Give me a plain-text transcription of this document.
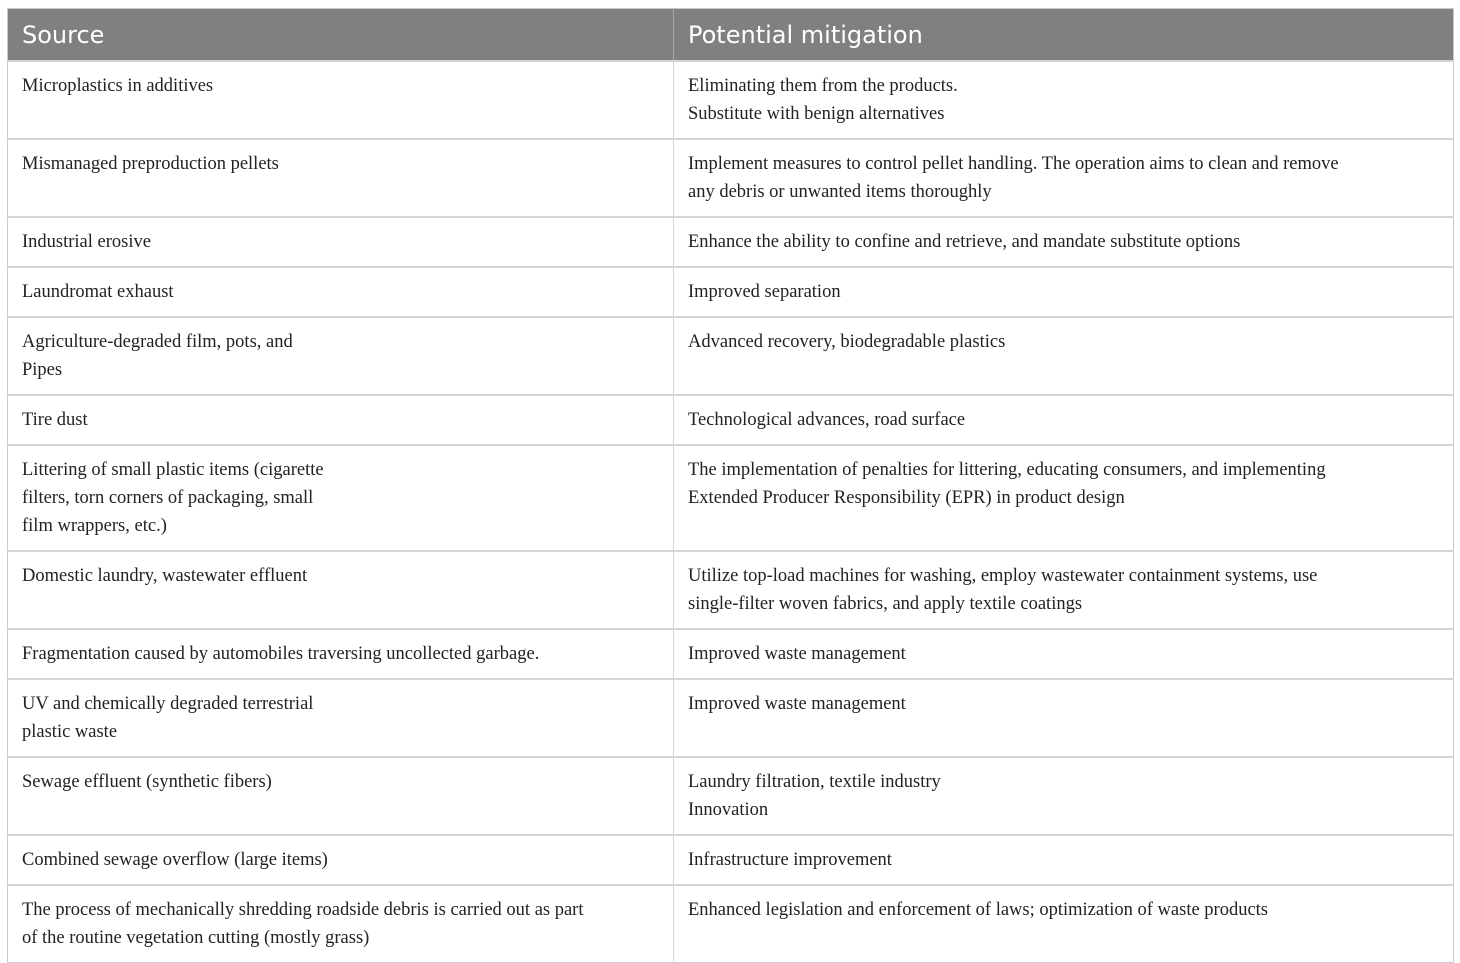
Source	Potential mitigation

Microplastics in additives	Eliminating them from the products.
Substitute with benign alternatives

Mismanaged preproduction pellets	Implement measures to control pellet handling. The operation aims to clean and remove
any debris or unwanted items thoroughly

Industrial erosive	Enhance the ability to confine and retrieve, and mandate substitute options

Laundromat exhaust	Improved separation

Agriculture-degraded film, pots, and
Pipes	Advanced recovery, biodegradable plastics

Tire dust	Technological advances, road surface

Littering of small plastic items (cigarette
filters, torn corners of packaging, small
film wrappers, etc.)	The implementation of penalties for littering, educating consumers, and implementing
Extended Producer Responsibility (EPR) in product design

Domestic laundry, wastewater effluent	Utilize top-load machines for washing, employ wastewater containment systems, use
single-filter woven fabrics, and apply textile coatings

Fragmentation caused by automobiles traversing uncollected garbage.	Improved waste management

UV and chemically degraded terrestrial
plastic waste	Improved waste management

Sewage effluent (synthetic fibers)	Laundry filtration, textile industry
Innovation

Combined sewage overflow (large items)	Infrastructure improvement

The process of mechanically shredding roadside debris is carried out as part
of the routine vegetation cutting (mostly grass)	Enhanced legislation and enforcement of laws; optimization of waste products
